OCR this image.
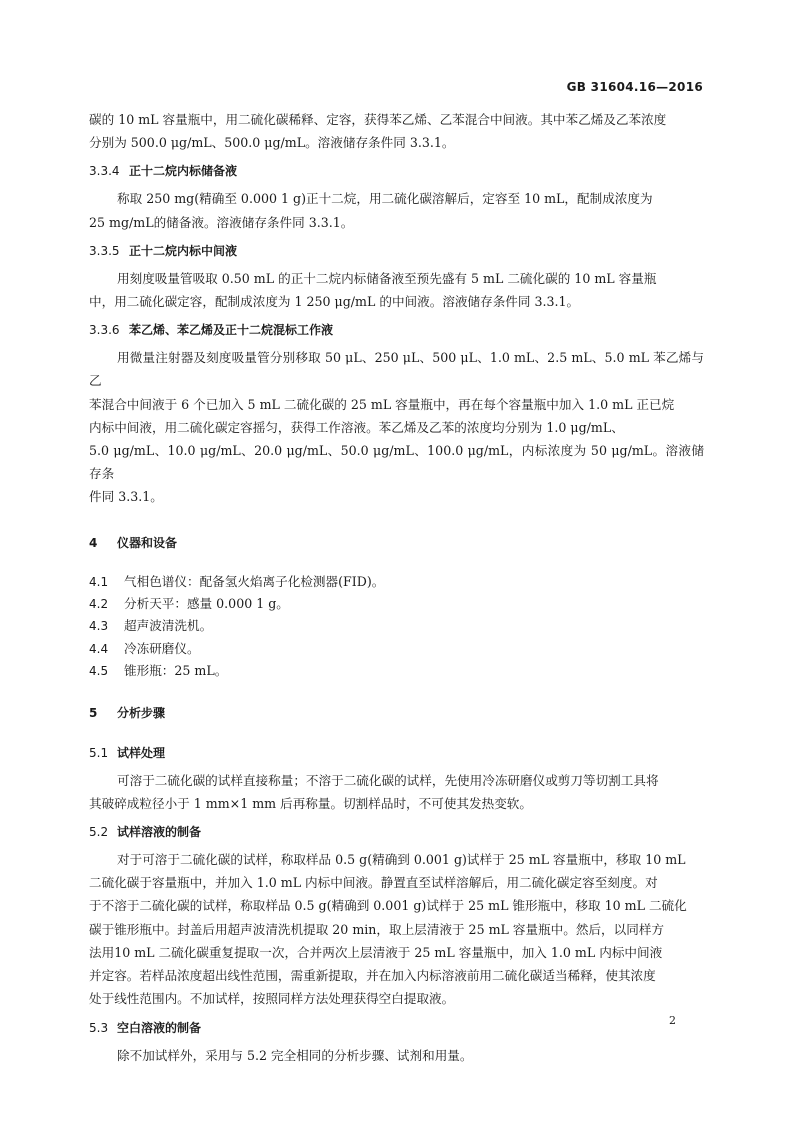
GB 31604.16—2016

碳的 10 mL 容量瓶中，用二硫化碳稀释、定容，获得苯乙烯、乙苯混合中间液。其中苯乙烯及乙苯浓度
分别为 500.0 μg/mL、500.0 μg/mL。溶液储存条件同 3.3.1。

3.3.4 正十二烷内标储备液

称取 250 mg(精确至 0.000 1 g)正十二烷，用二硫化碳溶解后，定容至 10 mL，配制成浓度为
25 mg/mL的储备液。溶液储存条件同 3.3.1。

3.3.5 正十二烷内标中间液

用刻度吸量管吸取 0.50 mL 的正十二烷内标储备液至预先盛有 5 mL 二硫化碳的 10 mL 容量瓶
中，用二硫化碳定容，配制成浓度为 1 250 μg/mL 的中间液。溶液储存条件同 3.3.1。

3.3.6 苯乙烯、苯乙烯及正十二烷混标工作液

用微量注射器及刻度吸量管分别移取 50 μL、250 μL、500 μL、1.0 mL、2.5 mL、5.0 mL 苯乙烯与乙
苯混合中间液于 6 个已加入 5 mL 二硫化碳的 25 mL 容量瓶中，再在每个容量瓶中加入 1.0 mL 正已烷
内标中间液，用二硫化碳定容摇匀，获得工作溶液。苯乙烯及乙苯的浓度均分别为 1.0 μg/mL、
5.0 μg/mL、10.0 μg/mL、20.0 μg/mL、50.0 μg/mL、100.0 μg/mL，内标浓度为 50 μg/mL。溶液储存条
件同 3.3.1。

4 仪器和设备
4.1 气相色谱仪：配备氢火焰离子化检测器(FID)。
4.2 分析天平：感量 0.000 1 g。
4.3 超声波清洗机。
4.4 冷冻研磨仪。
4.5 锥形瓶：25 mL。
5 分析步骤
5.1 试样处理

可溶于二硫化碳的试样直接称量；不溶于二硫化碳的试样，先使用冷冻研磨仪或剪刀等切割工具将
其破碎成粒径小于 1 mm×1 mm 后再称量。切割样品时，不可使其发热变软。

5.2 试样溶液的制备

对于可溶于二硫化碳的试样，称取样品 0.5 g(精确到 0.001 g)试样于 25 mL 容量瓶中，移取 10 mL
二硫化碳于容量瓶中，并加入 1.0 mL 内标中间液。静置直至试样溶解后，用二硫化碳定容至刻度。对
于不溶于二硫化碳的试样，称取样品 0.5 g(精确到 0.001 g)试样于 25 mL 锥形瓶中，移取 10 mL 二硫化
碳于锥形瓶中。封盖后用超声波清洗机提取 20 min，取上层清液于 25 mL 容量瓶中。然后，以同样方
法用10 mL 二硫化碳重复提取一次，合并两次上层清液于 25 mL 容量瓶中，加入 1.0 mL 内标中间液
并定容。若样品浓度超出线性范围，需重新提取，并在加入内标溶液前用二硫化碳适当稀释，使其浓度
处于线性范围内。不加试样，按照同样方法处理获得空白提取液。

5.3 空白溶液的制备

除不加试样外，采用与 5.2 完全相同的分析步骤、试剂和用量。

2
